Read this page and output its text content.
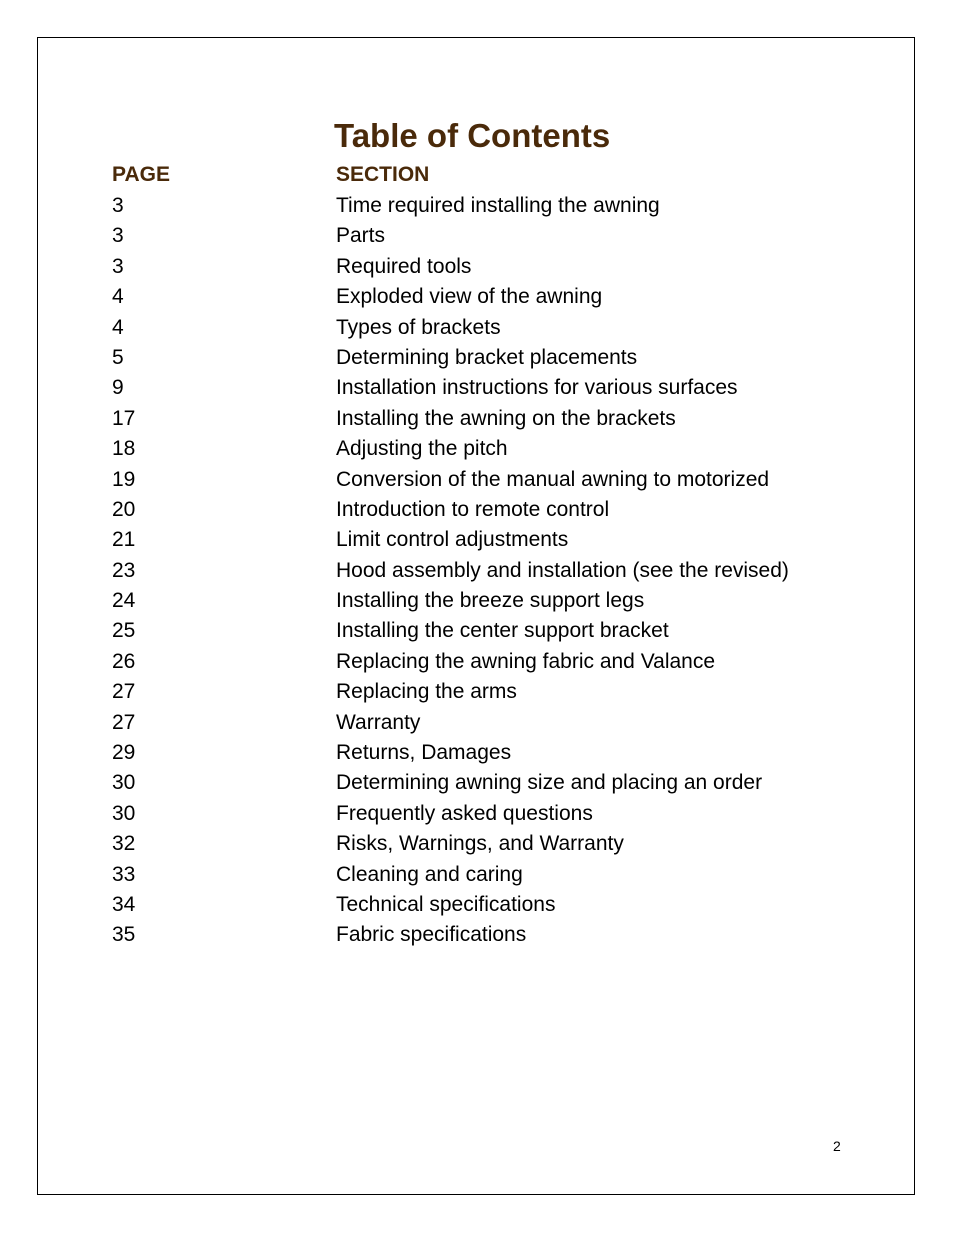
Table of Contents
PAGE	SECTION
3	Time required installing the awning
3	Parts
3	Required tools
4	Exploded view of the awning
4	Types of brackets
5	Determining bracket placements
9	Installation instructions for various surfaces
17	Installing the awning on the brackets
18	Adjusting the pitch
19	Conversion of the manual awning to motorized
20	Introduction to remote control
21	Limit control adjustments
23	Hood assembly and installation (see the revised)
24	Installing the breeze support legs
25	Installing the center support bracket
26	Replacing the awning fabric and Valance
27	Replacing the arms
27	Warranty
29	Returns, Damages
30	Determining awning size and placing an order
30	Frequently asked questions
32	Risks, Warnings, and Warranty
33	Cleaning and caring
34	Technical specifications
35	Fabric specifications
2
